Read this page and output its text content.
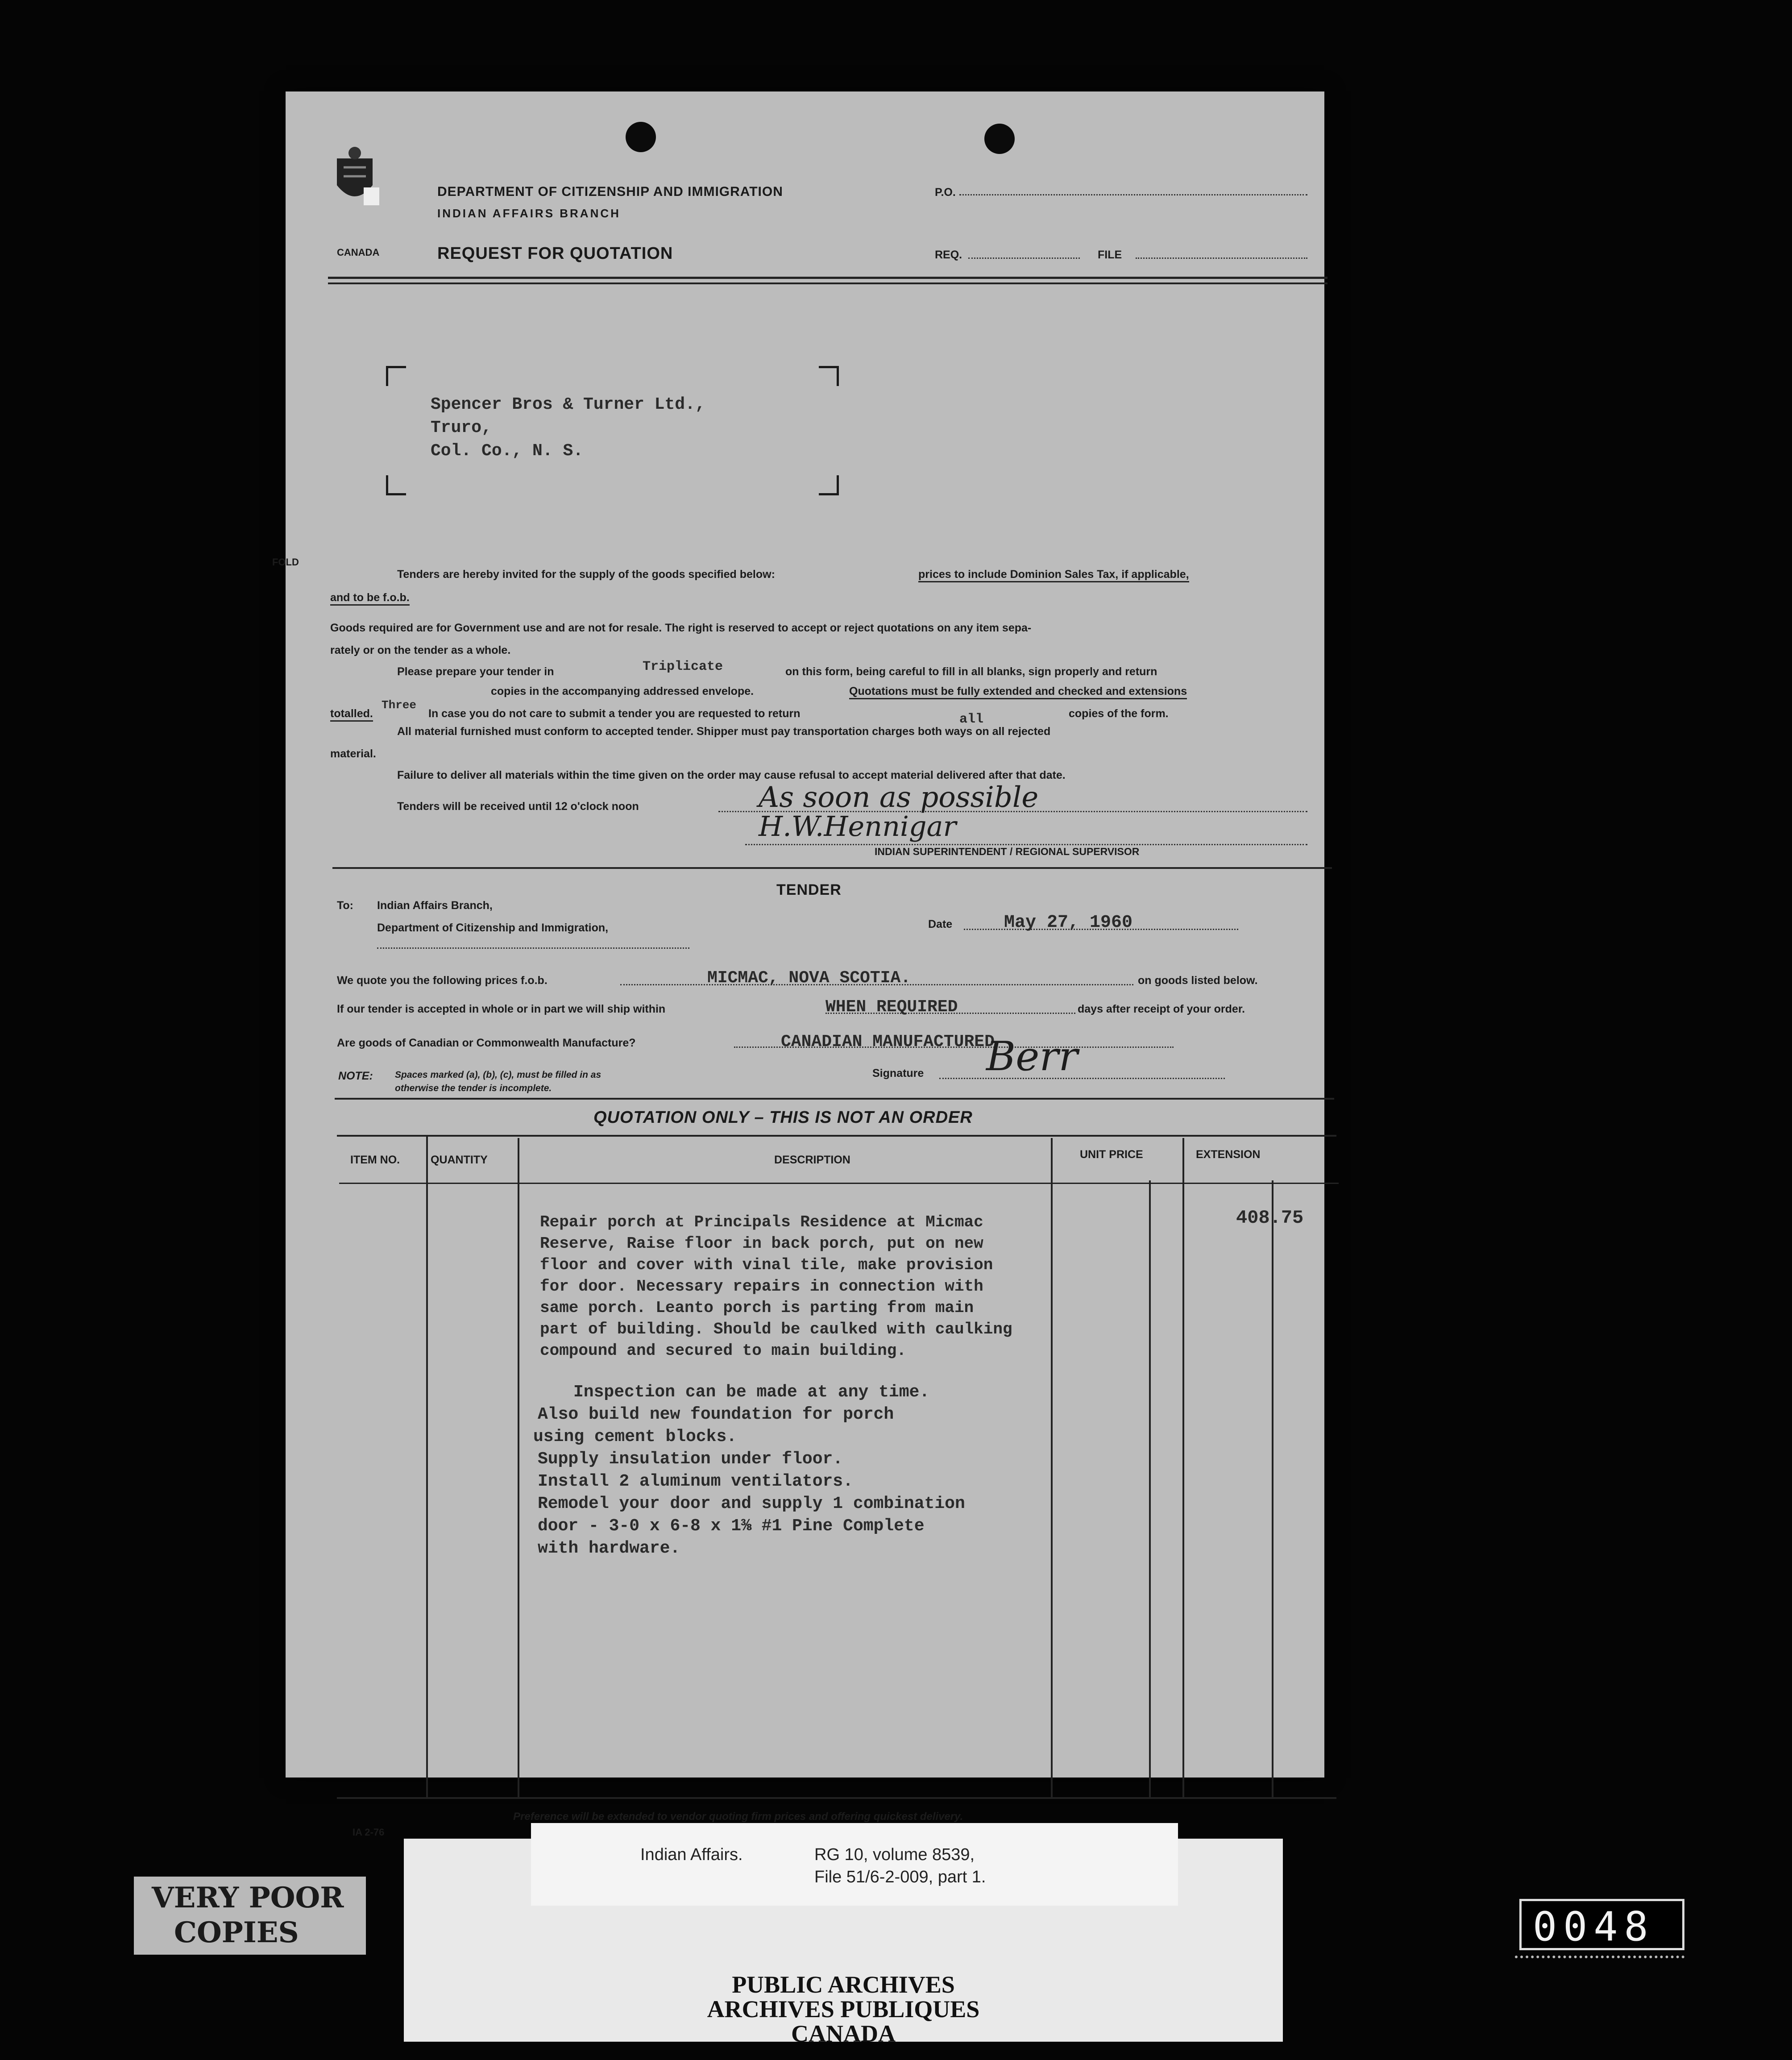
CANADA
DEPARTMENT OF CITIZENSHIP AND IMMIGRATION
INDIAN AFFAIRS BRANCH
REQUEST FOR QUOTATION
P.O.
REQ.	FILE
Spencer Bros & Turner Ltd.,
Truro,
Col. Co., N. S.
FOLD
Tenders are hereby invited for the supply of the goods specified below:	prices to include Dominion Sales Tax, if applicable,
and to be f.o.b.
Goods required are for Government use and are not for resale. The right is reserved to accept or reject quotations on any item sepa-
rately or on the tender as a whole.
Please prepare your tender in	Triplicate	on this form, being careful to fill in all blanks, sign properly and return
copies in the accompanying addressed envelope.	Quotations must be fully extended and checked and extensions
totalled.
Three
In case you do not care to submit a tender you are requested to return	all	copies of the form.
All material furnished must conform to accepted tender. Shipper must pay transportation charges both ways on all rejected
material.
Failure to deliver all materials within the time given on the order may cause refusal to accept material delivered after that date.
Tenders will be received until 12 o'clock noon	As soon as possible
H.W.Hennigar
INDIAN SUPERINTENDENT / REGIONAL SUPERVISOR
TENDER
To: Indian Affairs Branch,
Department of Citizenship and Immigration,	Date	May 27, 1960
We quote you the following prices f.o.b.	MICMAC, NOVA SCOTIA.	on goods listed below.
If our tender is accepted in whole or in part we will ship within	WHEN REQUIRED	days after receipt of your order.
Are goods of Canadian or Commonwealth Manufacture?	CANADIAN MANUFACTURED
NOTE: Spaces marked (a), (b), (c), must be filled in as
otherwise the tender is incomplete.
Signature Berr
QUOTATION ONLY – THIS IS NOT AN ORDER
ITEM NO.	QUANTITY	DESCRIPTION	UNIT PRICE	EXTENSION
408.75
Repair porch at Principals Residence at Micmac
Reserve, Raise floor in back porch, put on new
floor and cover with vinal tile, make provision
for door. Necessary repairs in connection with
same porch. Leanto porch is parting from main
part of building. Should be caulked with caulking
compound and secured to main building.
Inspection can be made at any time.
Also build new foundation for porch
using cement blocks.
Supply insulation under floor.
Install 2 aluminum ventilators.
Remodel your door and supply 1 combination
door - 3-0 x 6-8 x 1⅜ #1 Pine Complete
with hardware.
Preference will be extended to vendor quoting firm prices and offering quickest delivery.
IA 2-76
PUBLIC ARCHIVES
ARCHIVES PUBLIQUES
CANADA
Indian Affairs.	RG 10, volume 8539,
File 51/6-2-009, part 1.
VERY POOR
COPIES	0048
